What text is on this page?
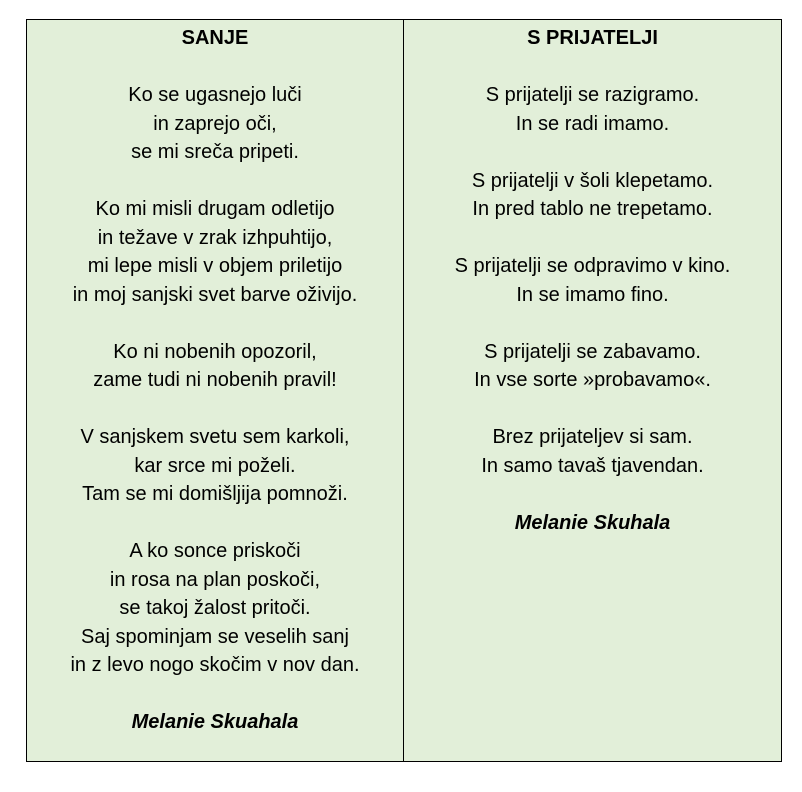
SANJE
Ko se ugasnejo luči
in zaprejo oči,
se mi sreča pripeti.
Ko mi misli drugam odletijo
in težave v zrak izhpuhtijo,
mi lepe misli v objem priletijo
in moj sanjski svet barve oživijo.
Ko ni nobenih opozoril,
zame tudi ni nobenih pravil!
V sanjskem svetu sem karkoli,
kar srce mi poželi.
Tam se mi domišljija pomnoži.
A ko sonce priskoči
in rosa na plan poskoči,
se takoj žalost pritoči.
Saj spominjam se veselih sanj
in z levo nogo skočim v nov dan.
Melanie Skuahala
S PRIJATELJI
S prijatelji se razigramo.
In se radi imamo.
S prijatelji v šoli klepetamo.
In pred tablo ne trepetamo.
S prijatelji se odpravimo v kino.
In se imamo fino.
S prijatelji se zabavamo.
In vse sorte »probavamo«.
Brez prijateljev si sam.
In samo tavaš tjavendan.
Melanie Skuhala
